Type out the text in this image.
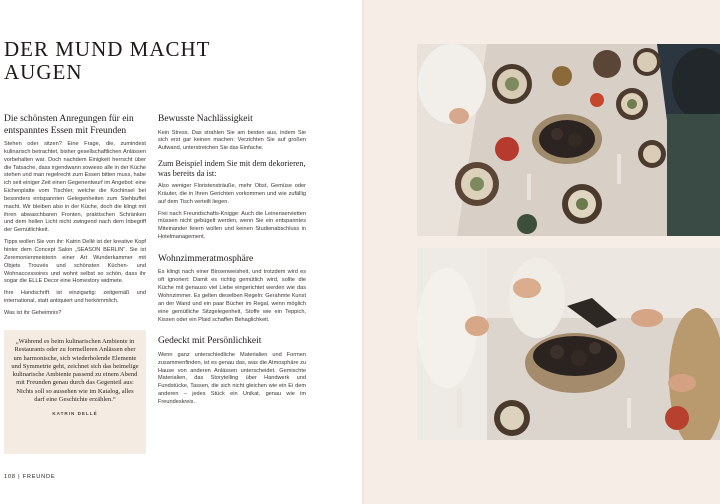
DER MUND MACHT
AUGEN
Die schönsten Anregungen für ein entspanntes Essen mit Freunden

Stehen oder sitzen? Eine Frage, die, zumindest kulinarisch betrachtet, bisher gesellschaftlichen Anlässen vorbehalten war. Doch nachdem Einigkeit herrscht über die Tatsache, dass irgendwann sowieso alle in der Küche stehen und man regelrecht zum Essen bitten muss, habe ich seit einiger Zeit einen Gegenentwurf im Angebot: eine Eichenplatte vom Tischler, welche die Kochinsel bei besonders entspannten Gelegenheiten zum Stehbuffet macht. Wir bleiben also in der Küche, doch die klingt mit ihren abwaschbaren Fronten, praktischen Schränken und dem hellen Licht nicht zwingend nach dem Inbegriff der Gemütlichkeit.

Tipps wollen Sie von ihr: Katrin Dellé ist der kreative Kopf hinter dem Concept Salon „SEASON BERLIN“. Sie ist Zeremonienmeisterin einer Art Wunderkammer mit Objets Trouvés und schönsten Küchen- und Wohnaccessoires und wohnt selbst so schön, dass ihr sogar die ELLE Decor eine Homestory widmete.

Ihre Handschrift ist einzigartig: zeitgemäß und international, statt antiquiert und herkömmlich.

Was ist ihr Geheimnis?

„Während es beim kulinarischen Ambiente in Restaurants oder zu formelleren Anlässen eher um harmonische, sich wiederholende Elemente und Symmetrie geht, zeichnet sich das heimelige kulinarische Ambiente passend zu einem Abend mit Freunden genau durch das Gegenteil aus: Nichts soll so aussehen wie im Katalog, alles darf eine Geschichte erzählen.“

KATRIN DELLÉ

Bewusste Nachlässigkeit

Kein Stress. Das strahlen Sie am besten aus, indem Sie sich erst gar keinen machen: Verzichten Sie auf großen Aufwand, unterstreichen Sie das Einfache.

Zum Beispiel indem Sie mit dem dekorieren, was bereits da ist:

Also weniger Floristensträuße, mehr Obst, Gemüse oder Kräuter, die in Ihren Gerichten vorkommen und wie zufällig auf dem Tisch verteilt liegen.

Frei nach Freundschafts-Knigge: Auch die Leinenservietten müssen nicht gebügelt werden, wenn Sie ein entspanntes Miteinander feiern wollen und keinen Studienabschluss in Hotelmanagement.

Wohnzimmeratmosphäre

Es klingt nach einer Binsenweisheit, und trotzdem wird es oft ignoriert: Damit es richtig gemütlich wird, sollte die Küche mit genauso viel Liebe eingerichtet werden wie das Wohnzimmer. Es gelten dieselben Regeln: Gerahmte Kunst an der Wand und ein paar Bücher im Regal, wenn möglich eine gemütliche Sitzgelegenheit, Stoffe wie ein Teppich, Kissen oder ein Plaid schaffen Behaglichkeit.

Gedeckt mit Persönlichkeit

Wenn ganz unterschiedliche Materialien und Formen zusammenfinden, ist es genau das, was die Atmosphäre zu Hause von anderen Anlässen unterscheidet. Gemischte Materialien, das Storytelling über Handwerk und Fundstücke, Tassen, die sich nicht gleichen wie ein Ei dem anderen – jedes Stück ein Unikat, genau wie im Freundeskreis.

108 | FREUNDE
